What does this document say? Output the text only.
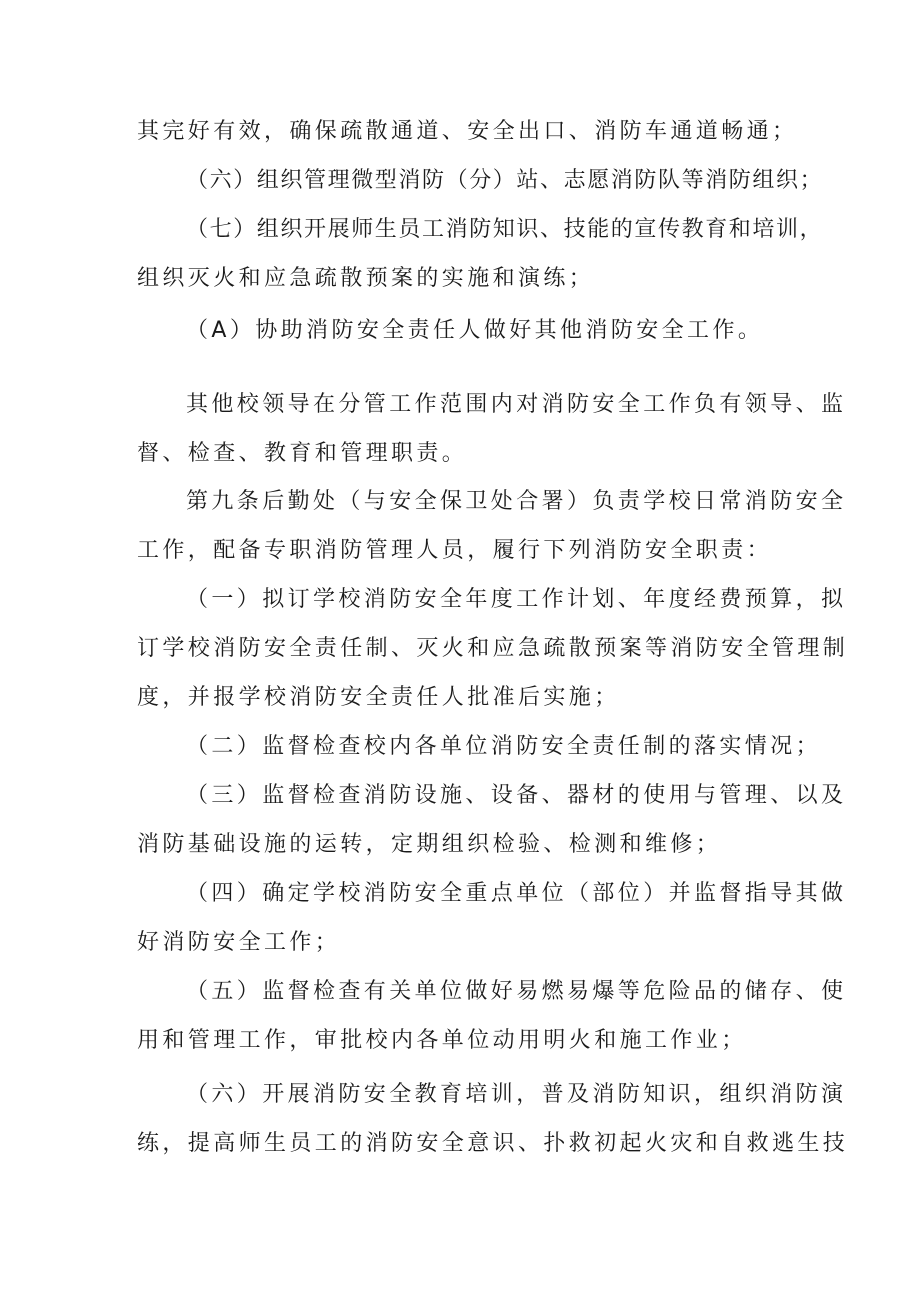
其完好有效，确保疏散通道、安全出口、消防车通道畅通；
（六）组织管理微型消防（分）站、志愿消防队等消防组织；
（七）组织开展师生员工消防知识、技能的宣传教育和培训，
组织灭火和应急疏散预案的实施和演练；
（A）协助消防安全责任人做好其他消防安全工作。
其他校领导在分管工作范围内对消防安全工作负有领导、监
督、检查、教育和管理职责。
第九条后勤处（与安全保卫处合署）负责学校日常消防安全
工作，配备专职消防管理人员，履行下列消防安全职责：
（一）拟订学校消防安全年度工作计划、年度经费预算，拟
订学校消防安全责任制、灭火和应急疏散预案等消防安全管理制
度，并报学校消防安全责任人批准后实施；
（二）监督检查校内各单位消防安全责任制的落实情况；
（三）监督检查消防设施、设备、器材的使用与管理、以及
消防基础设施的运转，定期组织检验、检测和维修；
（四）确定学校消防安全重点单位（部位）并监督指导其做
好消防安全工作；
（五）监督检查有关单位做好易燃易爆等危险品的储存、使
用和管理工作，审批校内各单位动用明火和施工作业；
（六）开展消防安全教育培训，普及消防知识，组织消防演
练，提高师生员工的消防安全意识、扑救初起火灾和自救逃生技
